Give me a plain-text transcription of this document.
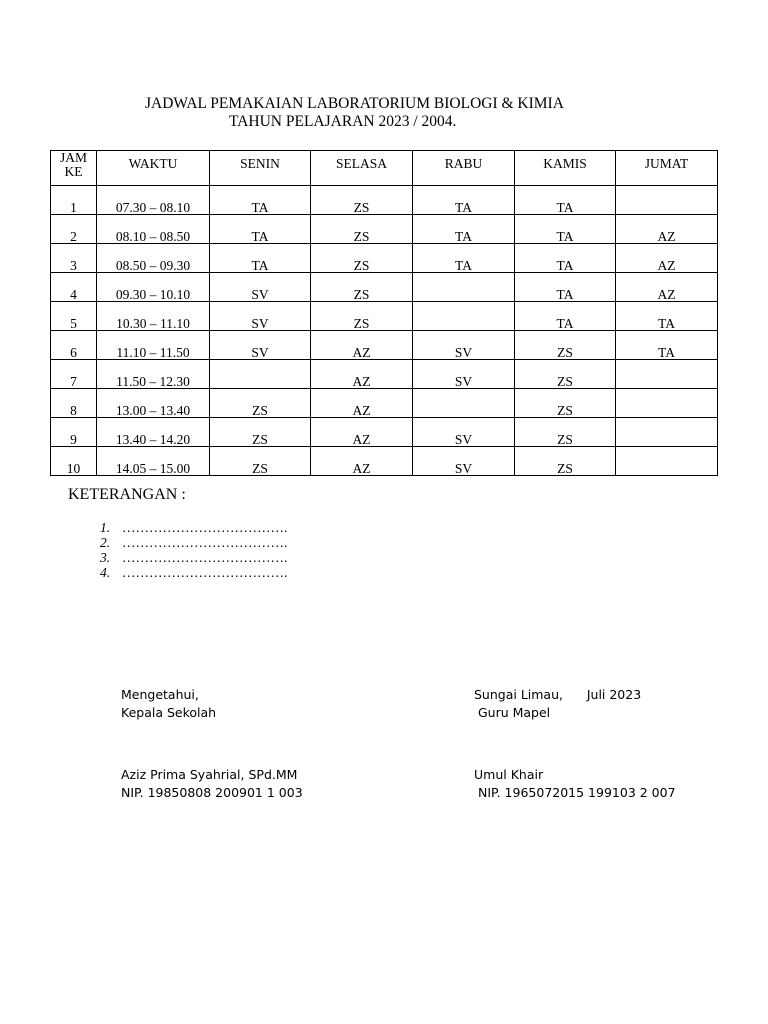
JADWAL PEMAKAIAN LABORATORIUM BIOLOGI & KIMIA
TAHUN PELAJARAN 2023 / 2004.
JAM
KE	WAKTU	SENIN	SELASA	RABU	KAMIS	JUMAT
1	07.30 – 08.10	TA	ZS	TA	TA	
2	08.10 – 08.50	TA	ZS	TA	TA	AZ
3	08.50 – 09.30	TA	ZS	TA	TA	AZ
4	09.30 – 10.10	SV	ZS		TA	AZ
5	10.30 – 11.10	SV	ZS		TA	TA
6	11.10 – 11.50	SV	AZ	SV	ZS	TA
7	11.50 – 12.30		AZ	SV	ZS	
8	13.00 – 13.40	ZS	AZ		ZS	
9	13.40 – 14.20	ZS	AZ	SV	ZS	
10	14.05 – 15.00	ZS	AZ	SV	ZS	
KETERANGAN :
1. ……………………………….
2. ……………………………….
3. ……………………………….
4. ……………………………….
Mengetahui,
Kepala Sekolah
Aziz Prima Syahrial, SPd.MM
NIP. 19850808 200901 1 003
Sungai Limau,      Juli 2023
Guru Mapel
Umul Khair
NIP. 1965072015 199103 2 007
